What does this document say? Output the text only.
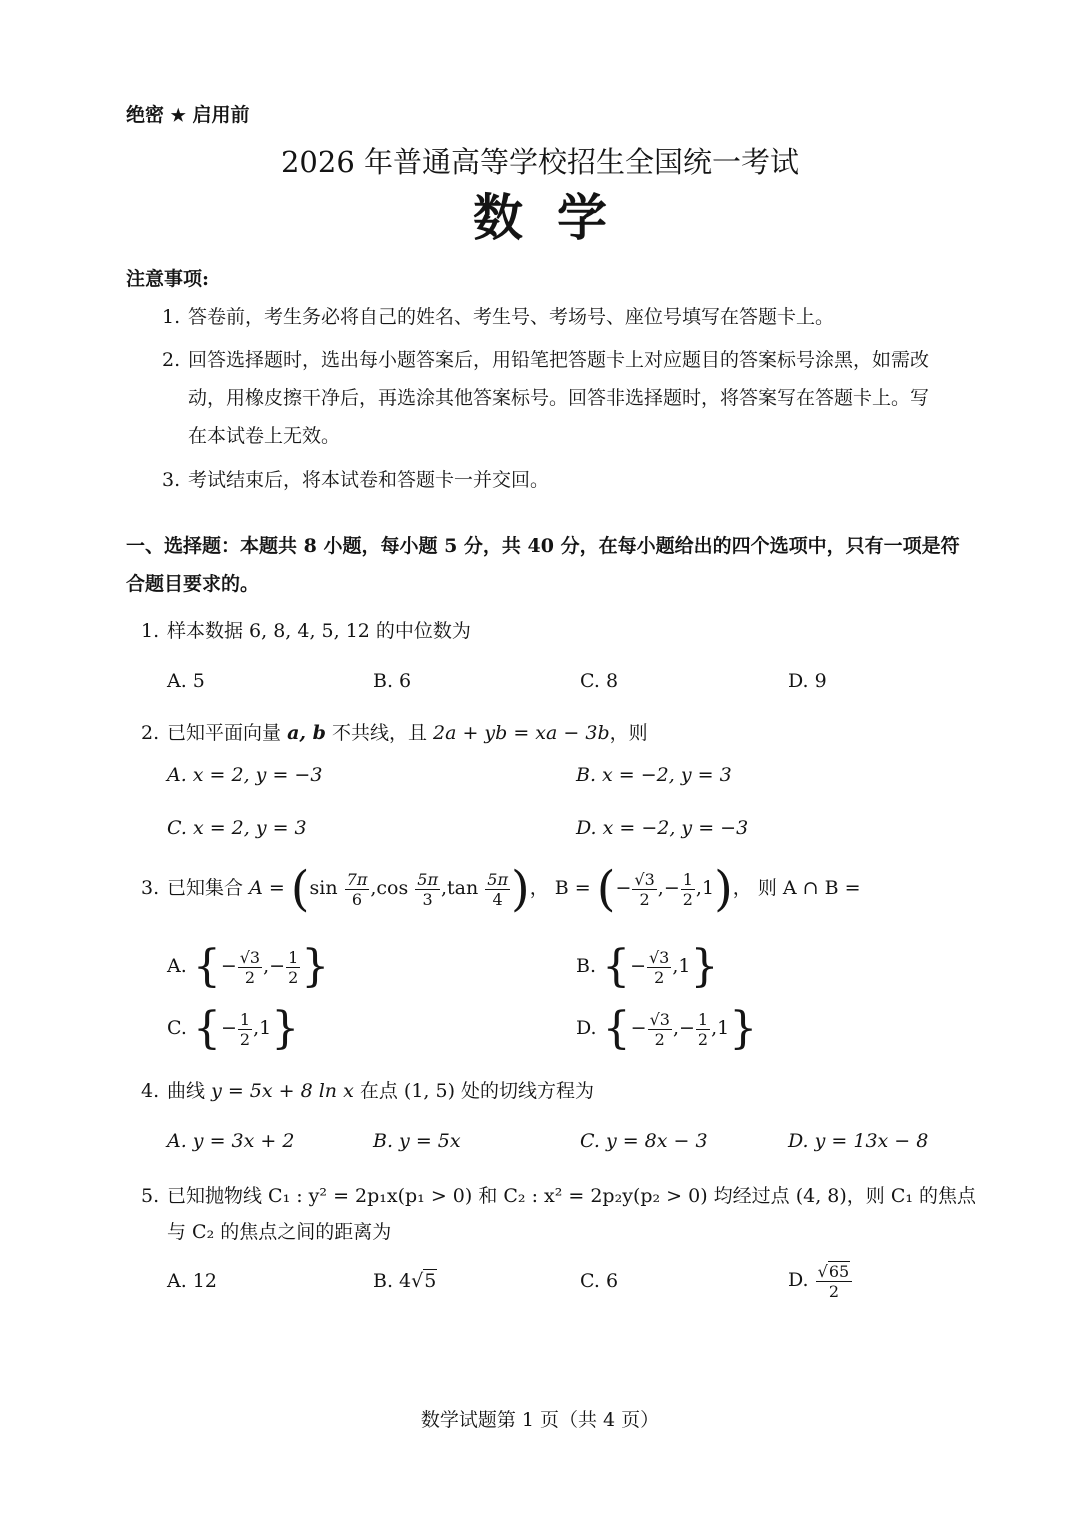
绝密 ★ 启用前
2026 年普通高等学校招生全国统一考试
数学
注意事项:
1. 答卷前，考生务必将自己的姓名、考生号、考场号、座位号填写在答题卡上。
2. 回答选择题时，选出每小题答案后，用铅笔把答题卡上对应题目的答案标号涂黑，如需改
动，用橡皮擦干净后，再选涂其他答案标号。回答非选择题时，将答案写在答题卡上。写
在本试卷上无效。
3. 考试结束后，将本试卷和答题卡一并交回。
一、选择题：本题共 8 小题，每小题 5 分，共 40 分，在每小题给出的四个选项中，只有一项是符
合题目要求的。
1. 样本数据 6, 8, 4, 5, 12 的中位数为
A. 5	B. 6	C. 8	D. 9
2. 已知平面向量 a, b 不共线，且 2a + yb = xa − 3b，则
A. x = 2, y = −3	B. x = −2, y = 3
C. x = 2, y = 3	D. x = −2, y = −3
3. 已知集合 $A = (\sin \frac{7\pi}{6} ,\cos \frac{5\pi}{3} ,\tan \frac{5\pi}{4}$ )， B = (− $\frac{√3}{2}$ ,− $\frac{1}{2} ,1$)， 则 A ∩ B =
A. {− $\frac{√3}{2}$ ,− $\frac{1}{2}$ }	B. {− $\frac{√3}{2} ,1$}
C. {− $\frac{1}{2} ,1$}	D. {− $\frac{√3}{2}$ ,− $\frac{1}{2} ,1$}
4. 曲线 y = 5x + 8 ln x 在点 (1, 5) 处的切线方程为
A. y = 3x + 2	B. y = 5x	C. y = 8x − 3	D. y = 13x − 8
5. 已知抛物线 C₁ : y² = 2p₁x(p₁ > 0) 和 C₂ : x² = 2p₂y(p₂ > 0) 均经过点 (4, 8)，则 C₁ 的焦点
与 C₂ 的焦点之间的距离为
A. 12	B. 4√5	C. 6	D. $\frac{√65}{2}$
数学试题第 1 页（共 4 页）
